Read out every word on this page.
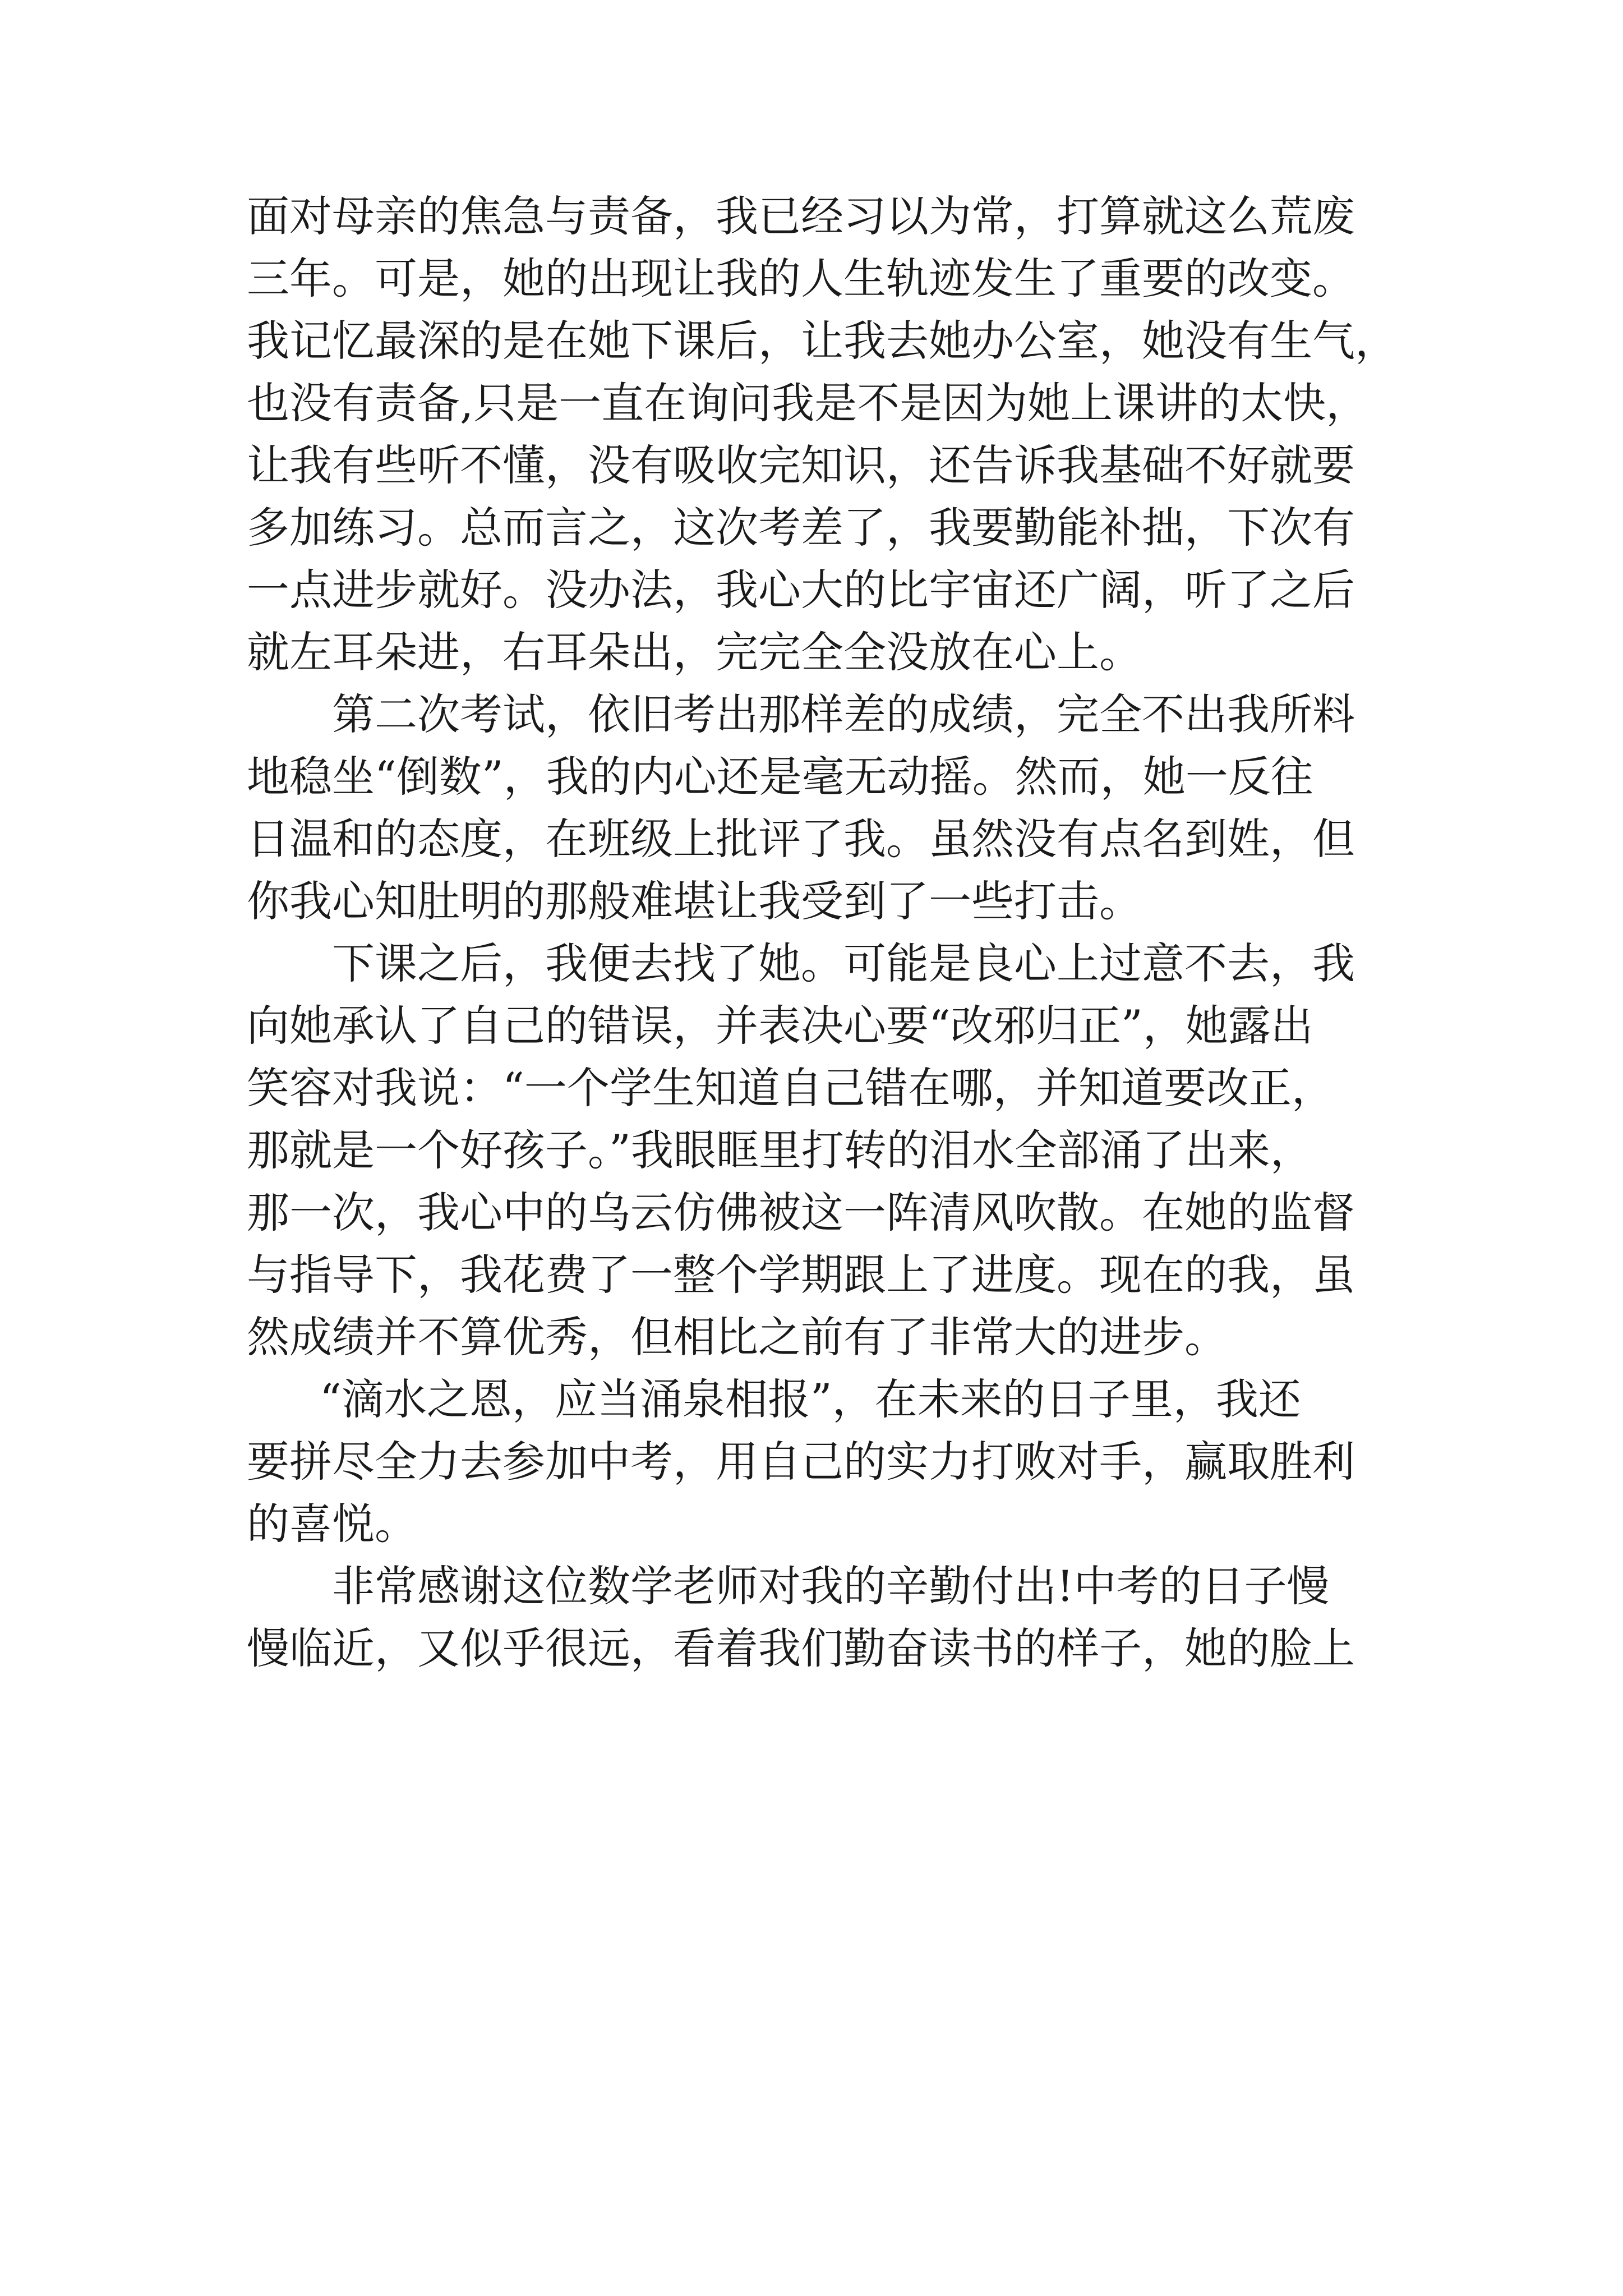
面对母亲的焦急与责备，我已经习以为常，打算就这么荒废
三年。可是，她的出现让我的人生轨迹发生了重要的改变。
我记忆最深的是在她下课后，让我去她办公室，她没有生气，
也没有责备,只是一直在询问我是不是因为她上课讲的太快，
让我有些听不懂，没有吸收完知识，还告诉我基础不好就要
多加练习。总而言之，这次考差了，我要勤能补拙，下次有
一点进步就好。没办法，我心大的比宇宙还广阔，听了之后
就左耳朵进，右耳朵出，完完全全没放在心上。
第二次考试，依旧考出那样差的成绩，完全不出我所料
地稳坐“倒数”，我的内心还是毫无动摇。然而，她一反往
日温和的态度，在班级上批评了我。虽然没有点名到姓，但
你我心知肚明的那般难堪让我受到了一些打击。
下课之后，我便去找了她。可能是良心上过意不去，我
向她承认了自己的错误，并表决心要“改邪归正”，她露出
笑容对我说：“一个学生知道自己错在哪，并知道要改正，
那就是一个好孩子。”我眼眶里打转的泪水全部涌了出来，
那一次，我心中的乌云仿佛被这一阵清风吹散。在她的监督
与指导下，我花费了一整个学期跟上了进度。现在的我，虽
然成绩并不算优秀，但相比之前有了非常大的进步。
“滴水之恩，应当涌泉相报”，在未来的日子里，我还
要拼尽全力去参加中考，用自己的实力打败对手，赢取胜利
的喜悦。
非常感谢这位数学老师对我的辛勤付出!中考的日子慢
慢临近，又似乎很远，看着我们勤奋读书的样子，她的脸上
